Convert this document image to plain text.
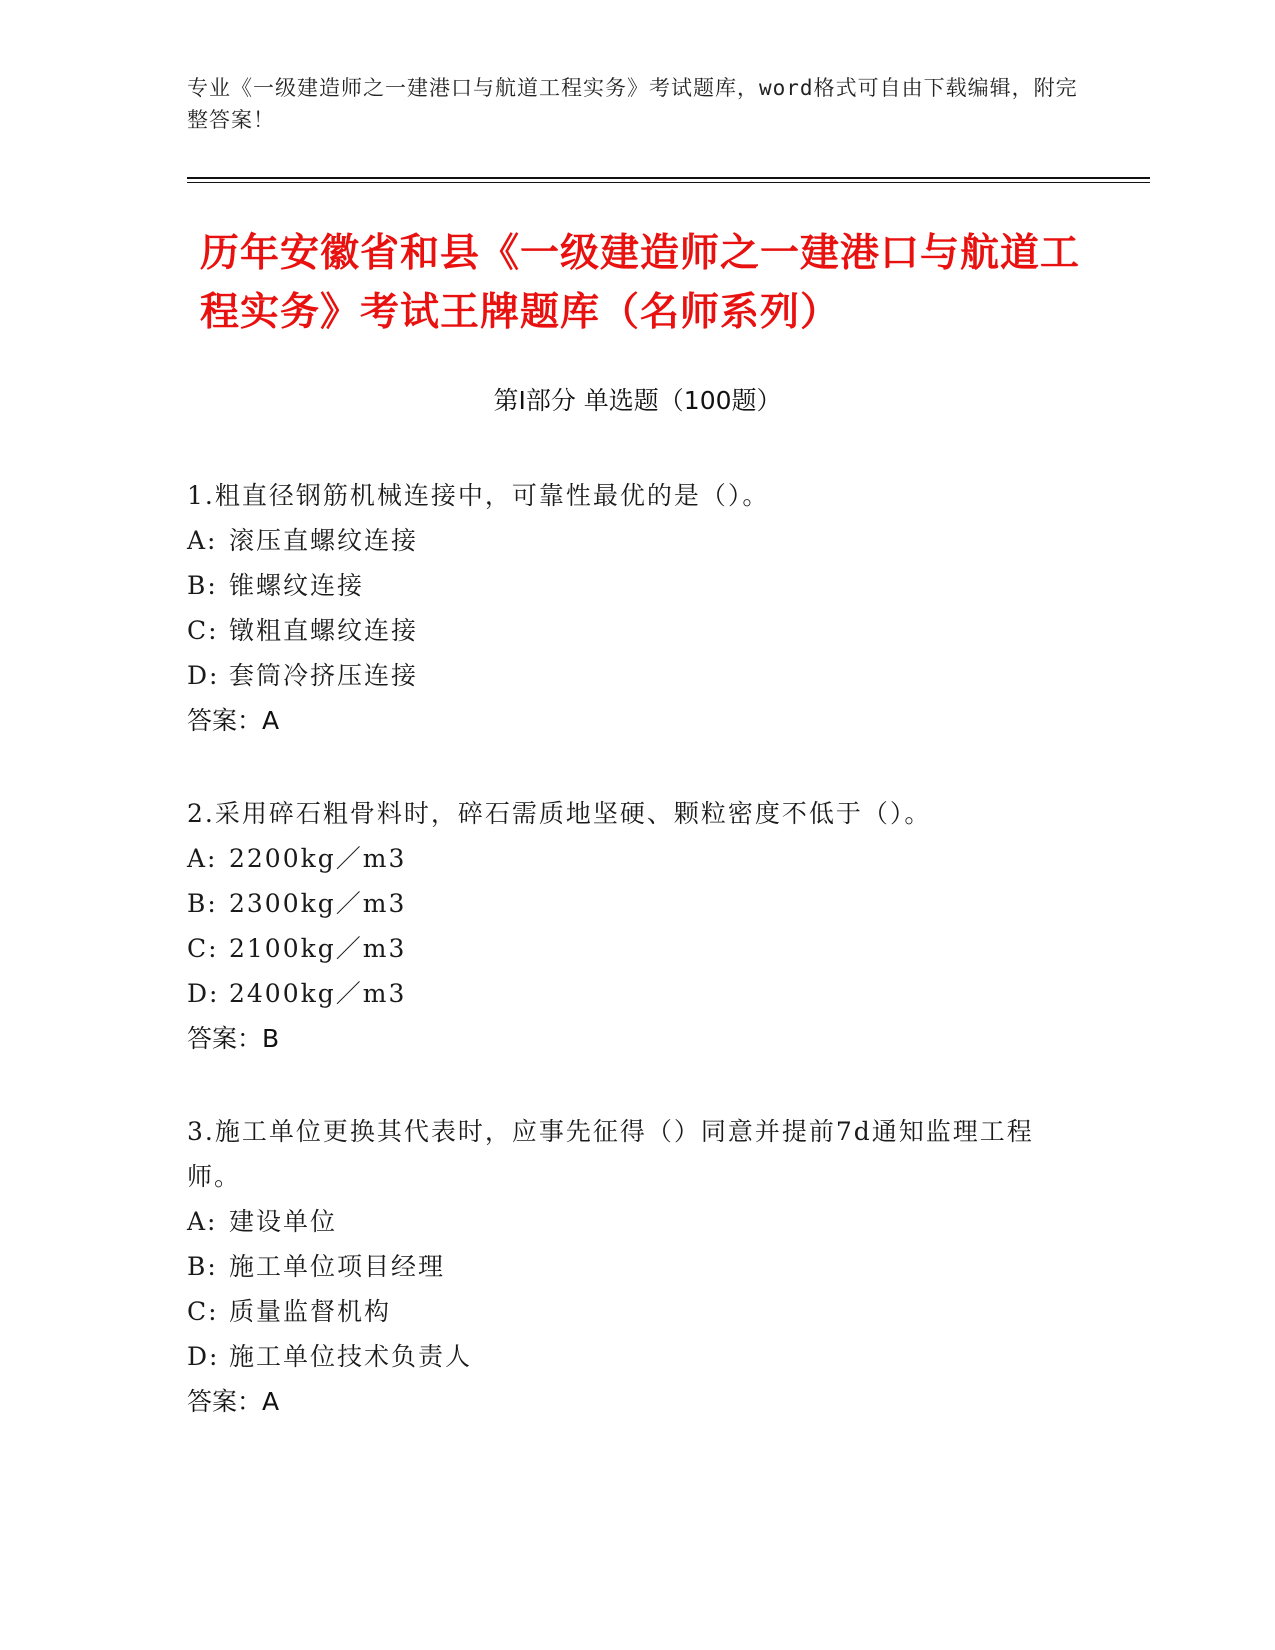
专业《一级建造师之一建港口与航道工程实务》考试题库，word格式可自由下载编辑，附完整答案！
历年安徽省和县《一级建造师之一建港口与航道工程实务》考试王牌题库（名师系列）
第Ⅰ部分 单选题（100题）
1.粗直径钢筋机械连接中，可靠性最优的是（）。
A: 滚压直螺纹连接
B: 锥螺纹连接
C: 镦粗直螺纹连接
D: 套筒冷挤压连接
答案：A
2.采用碎石粗骨料时，碎石需质地坚硬、颗粒密度不低于（）。
A: 2200kg／m3
B: 2300kg／m3
C: 2100kg／m3
D: 2400kg／m3
答案：B
3.施工单位更换其代表时，应事先征得（）同意并提前7d通知监理工程师。
A: 建设单位
B: 施工单位项目经理
C: 质量监督机构
D: 施工单位技术负责人
答案：A
